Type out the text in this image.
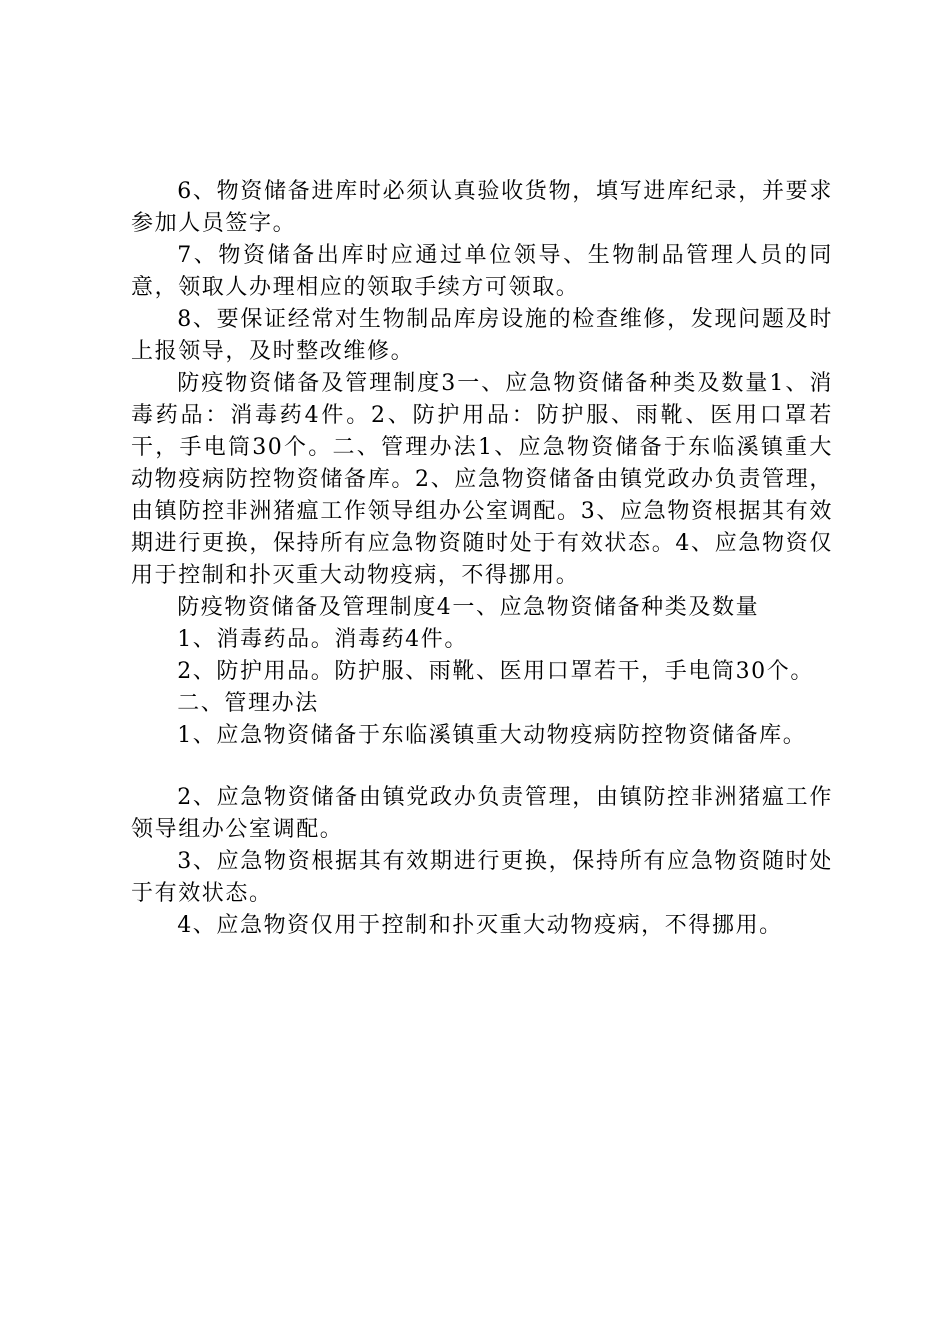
6、物资储备进库时必须认真验收货物，填写进库纪录，并要求参加人员签字。

7、物资储备出库时应通过单位领导、生物制品管理人员的同意，领取人办理相应的领取手续方可领取。

8、要保证经常对生物制品库房设施的检查维修，发现问题及时上报领导，及时整改维修。

防疫物资储备及管理制度3一、应急物资储备种类及数量1、消毒药品：消毒药4件。2、防护用品：防护服、雨靴、医用口罩若干，手电筒30个。二、管理办法1、应急物资储备于东临溪镇重大动物疫病防控物资储备库。2、应急物资储备由镇党政办负责管理，由镇防控非洲猪瘟工作领导组办公室调配。3、应急物资根据其有效期进行更换，保持所有应急物资随时处于有效状态。4、应急物资仅用于控制和扑灭重大动物疫病，不得挪用。

防疫物资储备及管理制度4一、应急物资储备种类及数量

1、消毒药品。消毒药4件。

2、防护用品。防护服、雨靴、医用口罩若干，手电筒30个。

二、管理办法

1、应急物资储备于东临溪镇重大动物疫病防控物资储备库。

2、应急物资储备由镇党政办负责管理，由镇防控非洲猪瘟工作领导组办公室调配。

3、应急物资根据其有效期进行更换，保持所有应急物资随时处于有效状态。

4、应急物资仅用于控制和扑灭重大动物疫病，不得挪用。
